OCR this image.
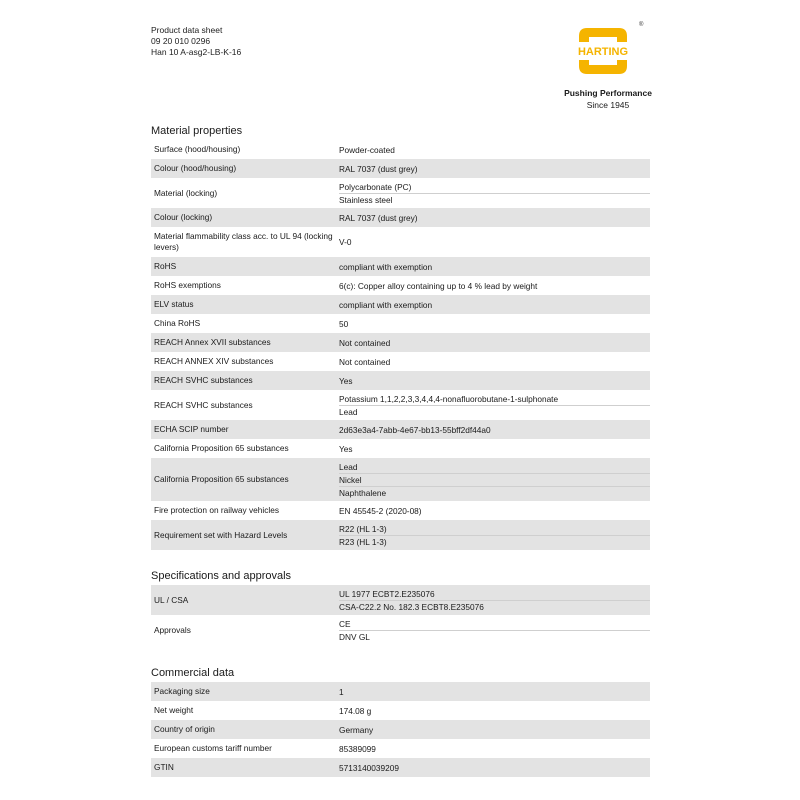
Product data sheet
09 20 010 0296
Han 10 A-asg2-LB-K-16	HARTING
®
Pushing Performance
Since 1945
Material properties
Surface (hood/housing)	Powder-coated

Colour (hood/housing)	RAL 7037 (dust grey)

Material (locking)	Polycarbonate (PC)
Stainless steel

Colour (locking)	RAL 7037 (dust grey)

Material flammability class acc. to UL 94 (locking levers)	V-0

RoHS	compliant with exemption

RoHS exemptions	6(c): Copper alloy containing up to 4 % lead by weight

ELV status	compliant with exemption

China RoHS	50

REACH Annex XVII substances	Not contained

REACH ANNEX XIV substances	Not contained

REACH SVHC substances	Yes

REACH SVHC substances	Potassium 1,1,2,2,3,3,4,4,4-nonafluorobutane-1-sulphonate
Lead

ECHA SCIP number	2d63e3a4-7abb-4e67-bb13-55bff2df44a0

California Proposition 65 substances	Yes

California Proposition 65 substances	Lead
Nickel
Naphthalene

Fire protection on railway vehicles	EN 45545-2 (2020-08)

Requirement set with Hazard Levels	R22 (HL 1-3)
R23 (HL 1-3)
Specifications and approvals
UL / CSA	UL 1977 ECBT2.E235076
CSA-C22.2 No. 182.3 ECBT8.E235076

Approvals	CE
DNV GL
Commercial data
Packaging size	1

Net weight	174.08 g

Country of origin	Germany

European customs tariff number	85389099

GTIN	5713140039209
